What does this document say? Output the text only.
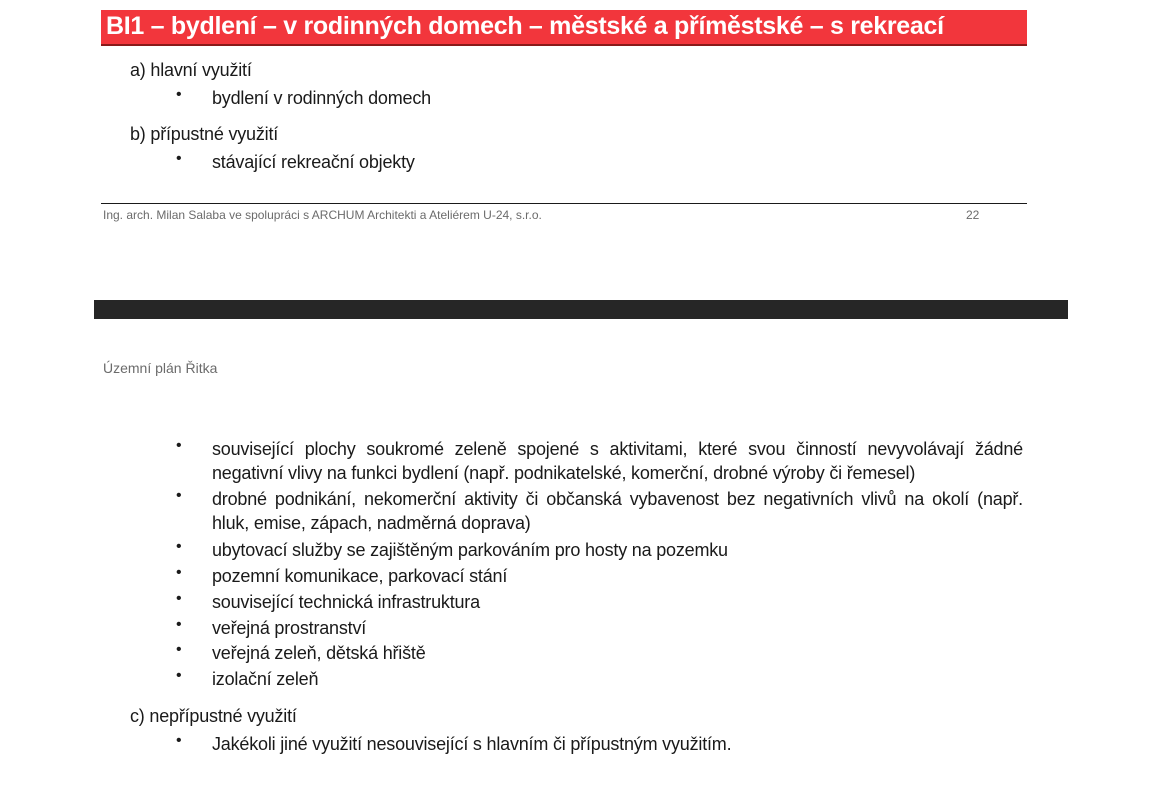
BI1 – bydlení – v rodinných domech – městské a příměstské – s rekreací
a) hlavní využití
•	bydlení v rodinných domech
b) přípustné využití
•	stávající rekreační objekty
Ing. arch. Milan Salaba ve spolupráci s ARCHUM Architekti a Ateliérem U-24, s.r.o.	22
Územní plán Řitka
•	související plochy soukromé zeleně spojené s aktivitami, které svou činností nevyvolávají žádné negativní vlivy na funkci bydlení (např. podnikatelské, komerční, drobné výroby či řemesel)
•	drobné podnikání, nekomerční aktivity či občanská vybavenost bez negativních vlivů na okolí (např. hluk, emise, zápach, nadměrná doprava)
•	ubytovací služby se zajištěným parkováním pro hosty na pozemku
•	pozemní komunikace, parkovací stání
•	související technická infrastruktura
•	veřejná prostranství
•	veřejná zeleň, dětská hřiště
•	izolační zeleň
c) nepřípustné využití
•	Jakékoli jiné využití nesouvisející s hlavním či přípustným využitím.
